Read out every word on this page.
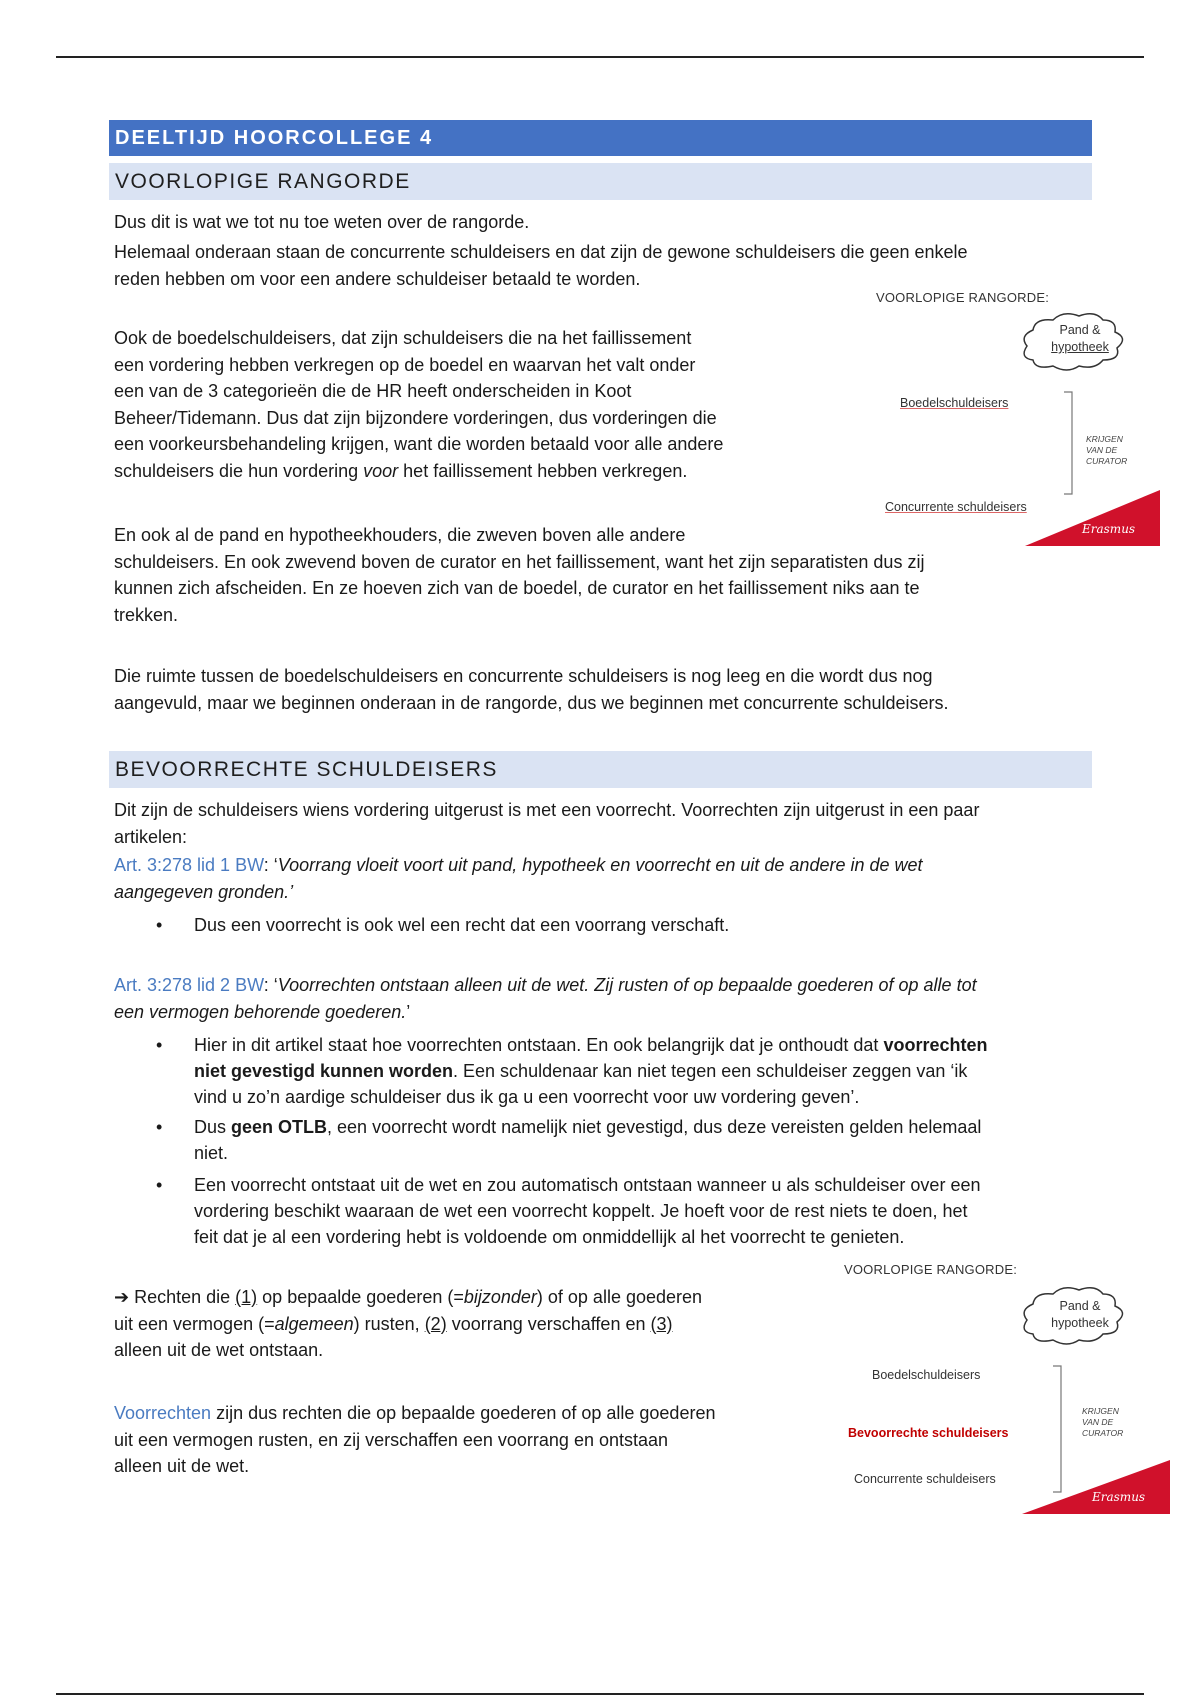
DEELTIJD HOORCOLLEGE 4
VOORLOPIGE RANGORDE

Dus dit is wat we tot nu toe weten over de rangorde.

Helemaal onderaan staan de concurrente schuldeisers en dat zijn de gewone schuldeisers die geen enkele
reden hebben om voor een andere schuldeiser betaald te worden.

Ook de boedelschuldeisers, dat zijn schuldeisers die na het faillissement
een vordering hebben verkregen op de boedel en waarvan het valt onder
een van de 3 categorieën die de HR heeft onderscheiden in Koot
Beheer/Tidemann. Dus dat zijn bijzondere vorderingen, dus vorderingen die
een voorkeursbehandeling krijgen, want die worden betaald voor alle andere
schuldeisers die hun vordering voor het faillissement hebben verkregen.

En ook al de pand en hypotheekhouders, die zweven boven alle andere
schuldeisers. En ook zwevend boven de curator en het faillissement, want het zijn separatisten dus zij
kunnen zich afscheiden. En ze hoeven zich van de boedel, de curator en het faillissement niks aan te
trekken.

Die ruimte tussen de boedelschuldeisers en concurrente schuldeisers is nog leeg en die wordt dus nog
aangevuld, maar we beginnen onderaan in de rangorde, dus we beginnen met concurrente schuldeisers.

VOORLOPIGE RANGORDE:
Pand &
hypotheek
Boedelschuldeisers
Concurrente schuldeisers
KRIJGEN
VAN DE
CURATOR
Erasmus
BEVOORRECHTE SCHULDEISERS

Dit zijn de schuldeisers wiens vordering uitgerust is met een voorrecht. Voorrechten zijn uitgerust in een paar
artikelen:

Art. 3:278 lid 1 BW: ‘Voorrang vloeit voort uit pand, hypotheek en voorrecht en uit de andere in de wet
aangegeven gronden.’

• Dus een voorrecht is ook wel een recht dat een voorrang verschaft.

Art. 3:278 lid 2 BW: ‘Voorrechten ontstaan alleen uit de wet. Zij rusten of op bepaalde goederen of op alle tot
een vermogen behorende goederen.’

• Hier in dit artikel staat hoe voorrechten ontstaan. En ook belangrijk dat je onthoudt dat voorrechten
niet gevestigd kunnen worden. Een schuldenaar kan niet tegen een schuldeiser zeggen van ‘ik
vind u zo’n aardige schuldeiser dus ik ga u een voorrecht voor uw vordering geven’.
• Dus geen OTLB, een voorrecht wordt namelijk niet gevestigd, dus deze vereisten gelden helemaal
niet.
• Een voorrecht ontstaat uit de wet en zou automatisch ontstaan wanneer u als schuldeiser over een
vordering beschikt waaraan de wet een voorrecht koppelt. Je hoeft voor de rest niets te doen, het
feit dat je al een vordering hebt is voldoende om onmiddellijk al het voorrecht te genieten.

➔ Rechten die (1) op bepaalde goederen (=bijzonder) of op alle goederen
uit een vermogen (=algemeen) rusten, (2) voorrang verschaffen en (3)
alleen uit de wet ontstaan.

Voorrechten zijn dus rechten die op bepaalde goederen of op alle goederen
uit een vermogen rusten, en zij verschaffen een voorrang en ontstaan
alleen uit de wet.

VOORLOPIGE RANGORDE:
Pand &
hypotheek
Boedelschuldeisers
Bevoorrechte schuldeisers
Concurrente schuldeisers
KRIJGEN
VAN DE
CURATOR
Erasmus
